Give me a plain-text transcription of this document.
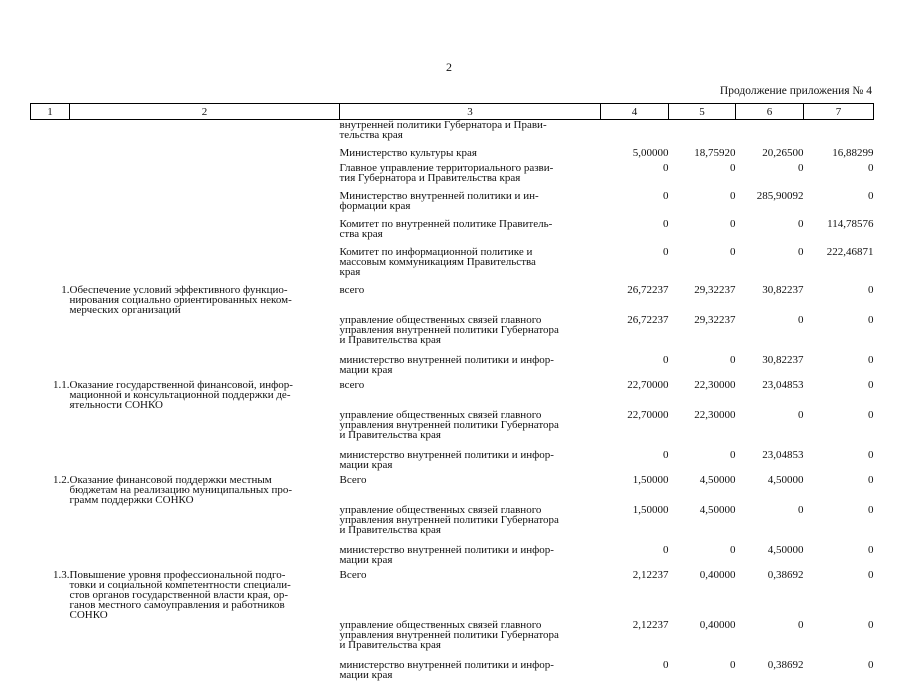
2
Продолжение приложения № 4
1	2	3	4	5	6	7
		внутренней политики Губернатора и Прави-
тельства края				
		Министерство культуры края	5,00000	18,75920	20,26500	16,88299
		Главное управление территориального разви-
тия Губернатора и Правительства края	0	0	0	0
		Министерство внутренней политики и ин-
формации края	0	0	285,90092	0
		Комитет по внутренней политике Правитель-
ства края	0	0	0	114,78576
		Комитет по информационной политике и
массовым коммуникациям Правительства
края	0	0	0	222,46871
1.	Обеспечение условий эффективного функцио-
нирования социально ориентированных неком-
мерческих организаций	всего	26,72237	29,32237	30,82237	0
		управление общественных связей главного
управления внутренней политики Губернатора
и Правительства края	26,72237	29,32237	0	0
		министерство внутренней политики и инфор-
мации края	0	0	30,82237	0
1.1.	Оказание государственной финансовой, инфор-
мационной и консультационной поддержки де-
ятельности СОНКО	всего	22,70000	22,30000	23,04853	0
		управление общественных связей главного
управления внутренней политики Губернатора
и Правительства края	22,70000	22,30000	0	0
		министерство внутренней политики и инфор-
мации края	0	0	23,04853	0
1.2.	Оказание финансовой поддержки местным
бюджетам на реализацию муниципальных про-
грамм поддержки СОНКО	Всего	1,50000	4,50000	4,50000	0
		управление общественных связей главного
управления внутренней политики Губернатора
и Правительства края	1,50000	4,50000	0	0
		министерство внутренней политики и инфор-
мации края	0	0	4,50000	0
1.3.	Повышение уровня профессиональной подго-
товки и социальной компетентности специали-
стов органов государственной власти края, ор-
ганов местного самоуправления и работников
СОНКО	Всего	2,12237	0,40000	0,38692	0
		управление общественных связей главного
управления внутренней политики Губернатора
и Правительства края	2,12237	0,40000	0	0
		министерство внутренней политики и инфор-
мации края	0	0	0,38692	0
